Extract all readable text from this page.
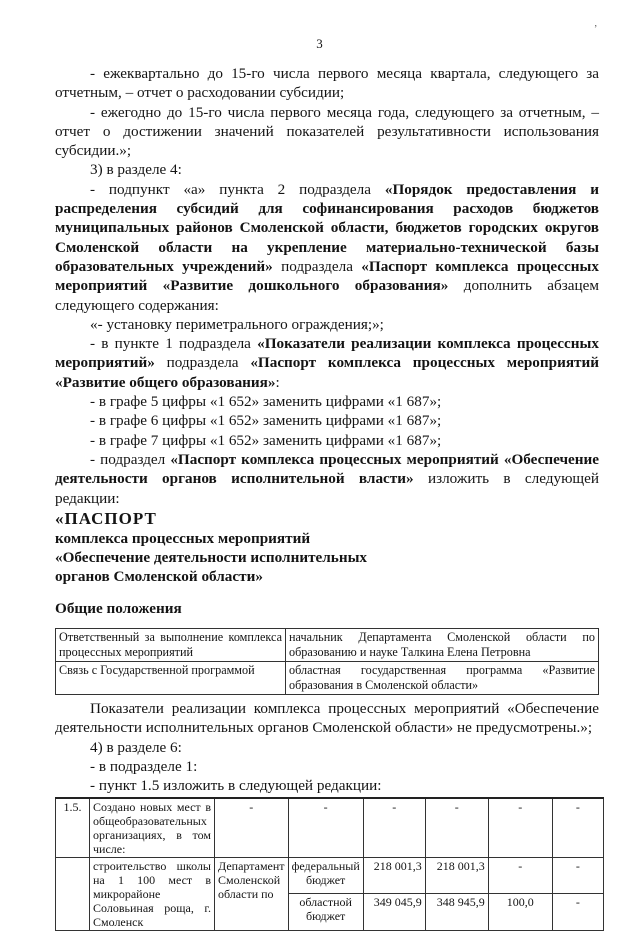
3
ʼ

- ежеквартально до 15-го числа первого месяца квартала, следующего за отчетным, – отчет о расходовании субсидии;

- ежегодно до 15-го числа первого месяца года, следующего за отчетным, – отчет о достижении значений показателей результативности использования субсидии.»;

3) в разделе 4:

- подпункт «а» пункта 2 подраздела «Порядок предоставления и распределения субсидий для софинансирования расходов бюджетов муниципальных районов Смоленской области, бюджетов городских округов Смоленской области на укрепление материально-технической базы образовательных учреждений» подраздела «Паспорт комплекса процессных мероприятий «Развитие дошкольного образования» дополнить абзацем следующего содержания:

«- установку периметрального ограждения;»;

- в пункте 1 подраздела «Показатели реализации комплекса процессных мероприятий» подраздела «Паспорт комплекса процессных мероприятий «Развитие общего образования»:

- в графе 5 цифры «1 652» заменить цифрами «1 687»;

- в графе 6 цифры «1 652» заменить цифрами «1 687»;

- в графе 7 цифры «1 652» заменить цифрами «1 687»;

- подраздел «Паспорт комплекса процессных мероприятий «Обеспечение деятельности органов исполнительной власти» изложить в следующей редакции:

«ПАСПОРТ

комплекса процессных мероприятий

«Обеспечение деятельности исполнительных

органов Смоленской области»

Общие положения

Ответственный за выполнение комплекса процессных мероприятий	начальник Департамента Смоленской области по образованию и науке Талкина Елена Петровна
Связь с Государственной программой	областная государственная программа «Развитие образования в Смоленской области»

Показатели реализации комплекса процессных мероприятий «Обеспечение деятельности исполнительных органов Смоленской области» не предусмотрены.»;

4) в разделе 6:

- в подразделе 1:

- пункт 1.5 изложить в следующей редакции:

1.5.	Создано новых мест в общеобразовательных организациях, в том числе:	-	-	-	-	-	-
	строительство школы на 1 100 мест в микрорайоне Соловьиная роща, г. Смоленск	Департамент Смоленской области по	федеральный бюджет	218 001,3	218 001,3	-	-
			областной бюджет	349 045,9	348 945,9	100,0	-
